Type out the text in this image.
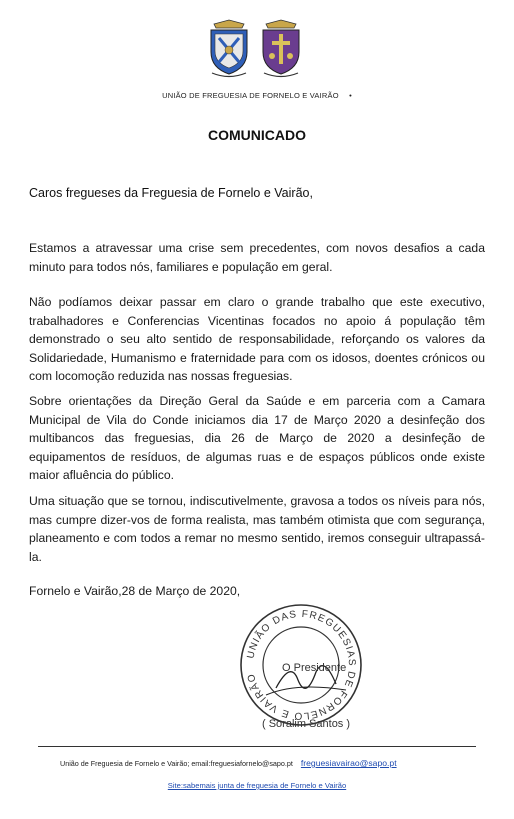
UNIÃO DE FREGUESIA DE FORNELO E VAIRÃO •
COMUNICADO
Caros fregueses da Freguesia de Fornelo e Vairão,
Estamos a atravessar uma crise sem precedentes, com novos desafios a cada minuto para todos nós, familiares e população em geral.
Não podíamos deixar passar em claro o grande trabalho que este executivo, trabalhadores e Conferencias Vicentinas focados no apoio á população têm demonstrado o seu alto sentido de responsabilidade, reforçando os valores da Solidariedade, Humanismo e fraternidade para com os idosos, doentes crónicos ou com locomoção reduzida nas nossas freguesias.
Sobre orientações da Direção Geral da Saúde e em parceria com a Camara Municipal de Vila do Conde iniciamos dia 17 de Março 2020 a desinfeção dos multibancos das freguesias, dia 26 de Março de 2020 a desinfeção de equipamentos de resíduos, de algumas ruas e de espaços públicos onde existe maior afluência do público.
Uma situação que se tornou, indiscutivelmente, gravosa a todos os níveis para nós, mas cumpre dizer-vos de forma realista, mas também otimista que com segurança, planeamento e com todos a remar no mesmo sentido, iremos conseguir ultrapassá-la.
Fornelo e Vairão,28 de Março de 2020,
UNIÃO DAS FREGUESIAS DE FORNELO E VAIRÃO
O Presidente
( Soralim Santos )
União de Freguesia de Fornelo e Vairão; email:freguesiafornelo@sapo.pt freguesiavairao@sapo.pt
Site:sabemais junta de freguesia de Fornelo e Vairão
